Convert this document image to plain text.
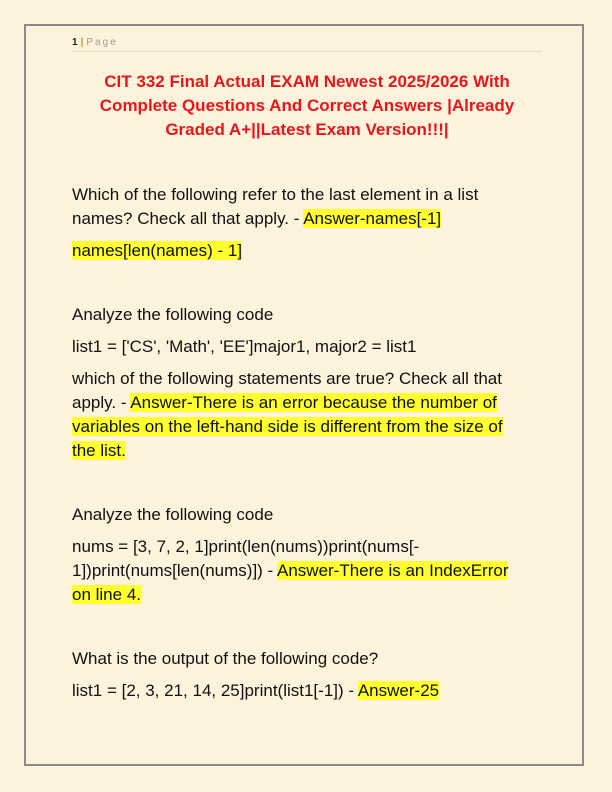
1 | Page
CIT 332 Final Actual EXAM Newest 2025/2026 With
Complete Questions And Correct Answers |Already
Graded A+||Latest Exam Version!!!|
Which of the following refer to the last element in a list
names? Check all that apply. - Answer-names[-1]
names[len(names) - 1]
Analyze the following code
list1 = ['CS', 'Math', 'EE']major1, major2 = list1
which of the following statements are true? Check all that
apply. - Answer-There is an error because the number of
variables on the left-hand side is different from the size of
the list.
Analyze the following code
nums = [3, 7, 2, 1]print(len(nums))print(nums[-
1])print(nums[len(nums)]) - Answer-There is an IndexError
on line 4.
What is the output of the following code?
list1 = [2, 3, 21, 14, 25]print(list1[-1]) - Answer-25
